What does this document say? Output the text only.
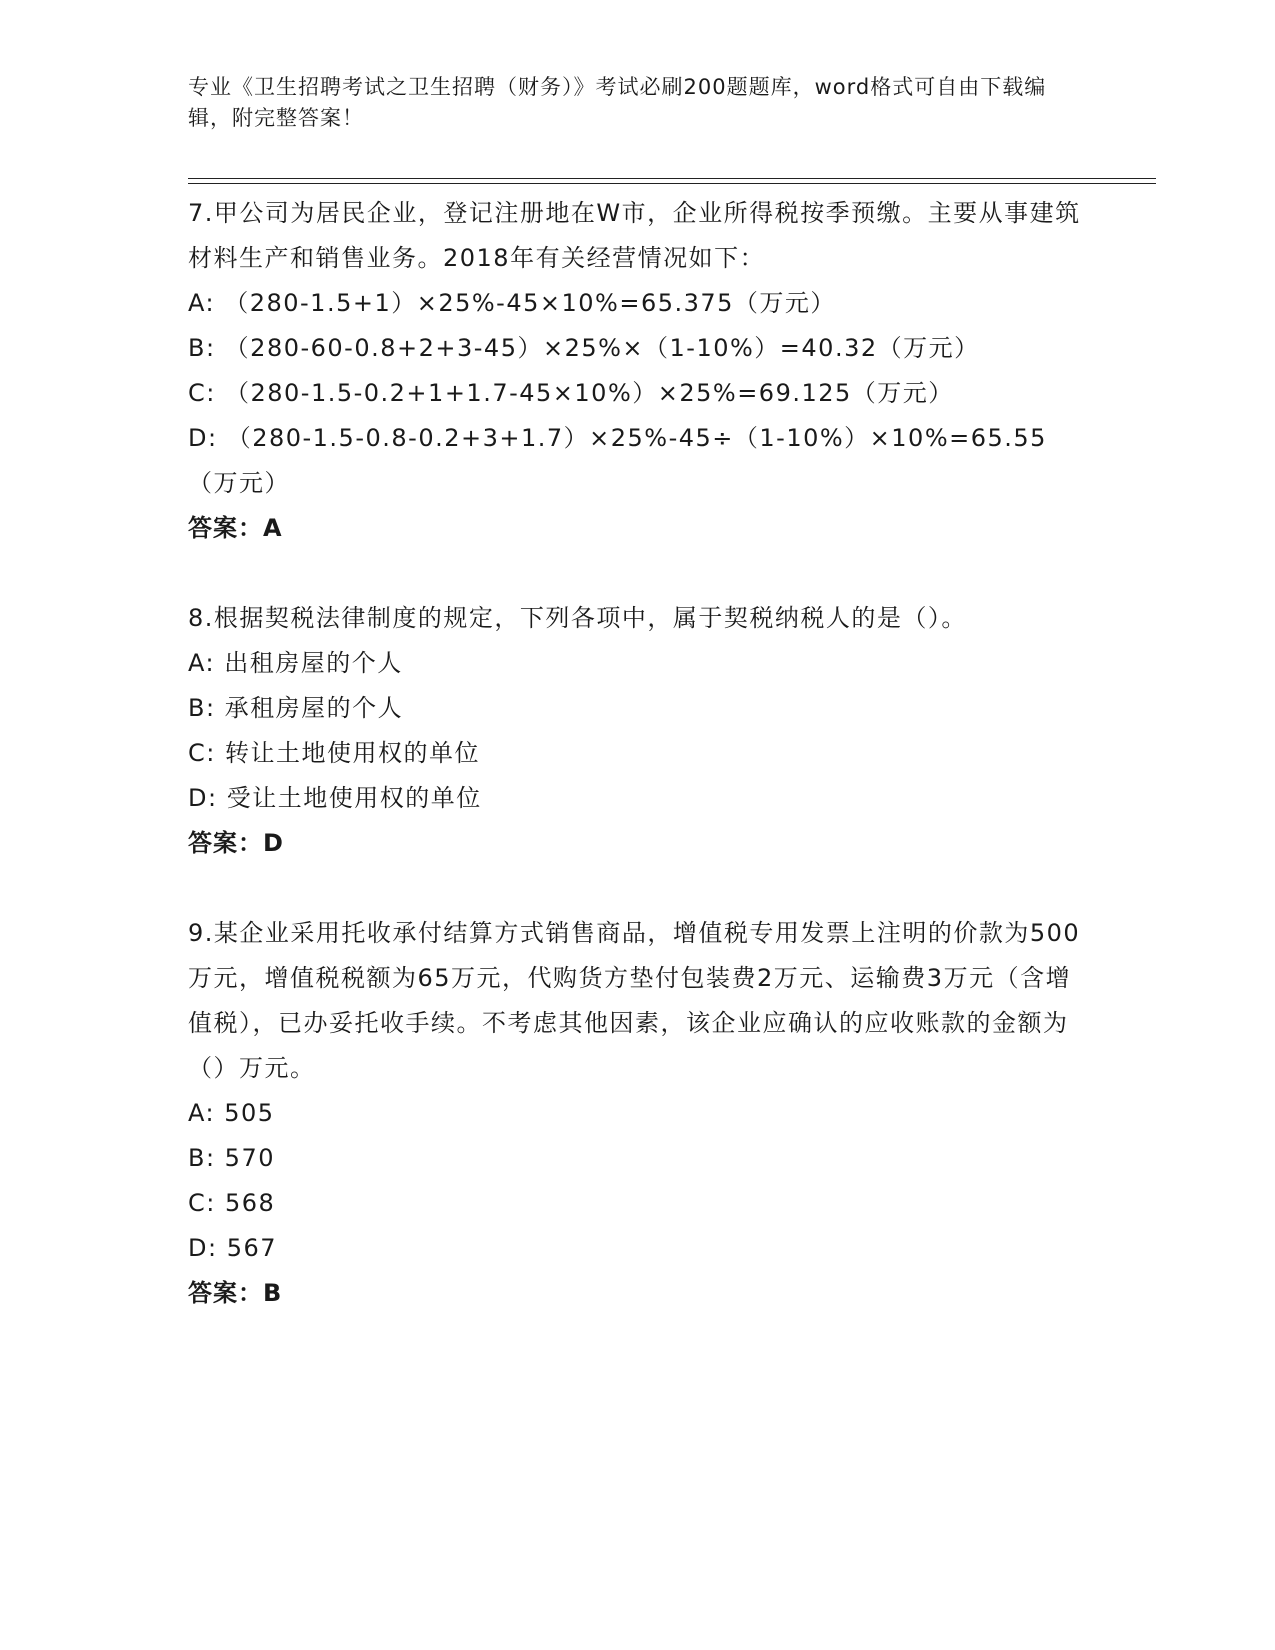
专业《卫生招聘考试之卫生招聘（财务）》考试必刷200题题库，word格式可自由下载编辑，附完整答案！

7.甲公司为居民企业，登记注册地在W市，企业所得税按季预缴。主要从事建筑材料生产和销售业务。2018年有关经营情况如下：

A: （280-1.5+1）×25%-45×10%=65.375（万元）

B: （280-60-0.8+2+3-45）×25%×（1-10%）=40.32（万元）

C: （280-1.5-0.2+1+1.7-45×10%）×25%=69.125（万元）

D: （280-1.5-0.8-0.2+3+1.7）×25%-45÷（1-10%）×10%=65.55（万元）

答案：A

8.根据契税法律制度的规定，下列各项中，属于契税纳税人的是（）。

A: 出租房屋的个人

B: 承租房屋的个人

C: 转让土地使用权的单位

D: 受让土地使用权的单位

答案：D

9.某企业采用托收承付结算方式销售商品，增值税专用发票上注明的价款为500万元，增值税税额为65万元，代购货方垫付包装费2万元、运输费3万元（含增值税），已办妥托收手续。不考虑其他因素，该企业应确认的应收账款的金额为（）万元。

A: 505

B: 570

C: 568

D: 567

答案：B
